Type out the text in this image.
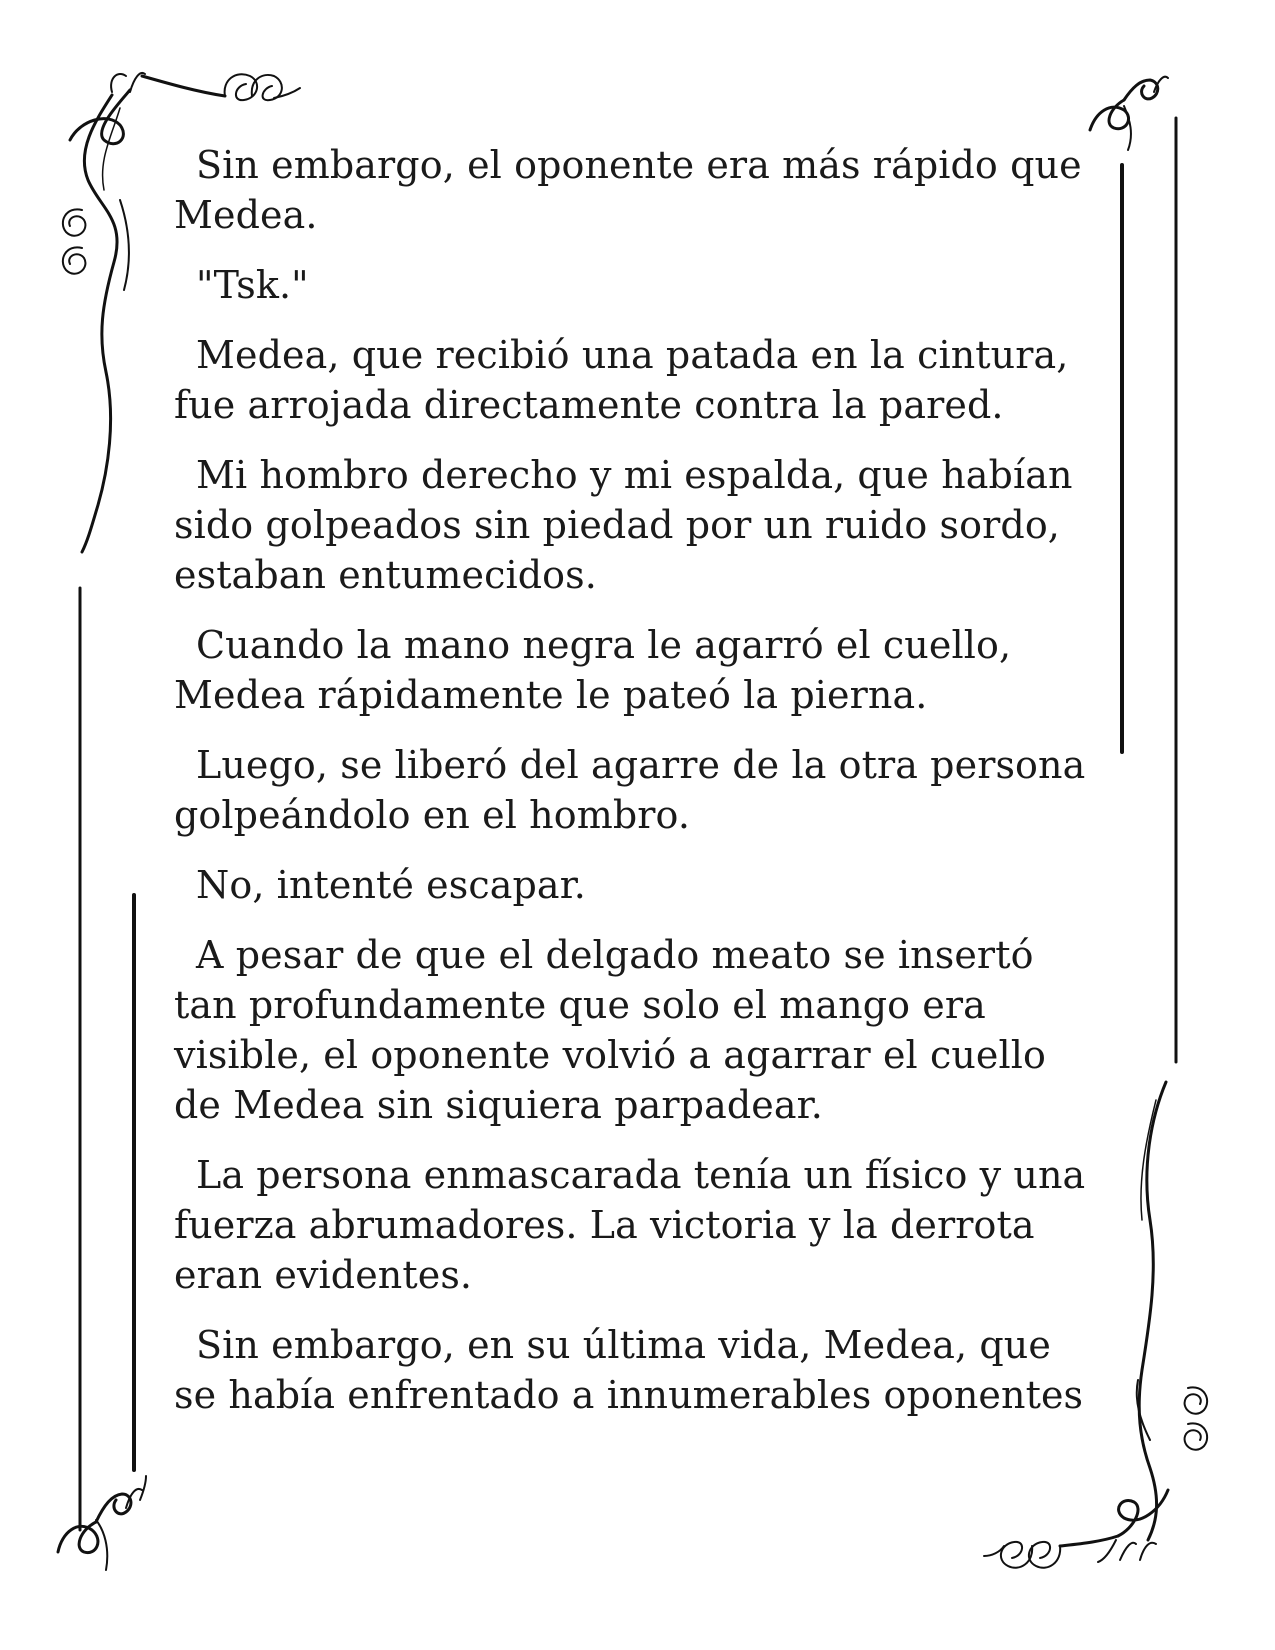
Sin embargo, el oponente era más rápido que Medea.

"Tsk."

Medea, que recibió una patada en la cintura, fue arrojada directamente contra la pared.

Mi hombro derecho y mi espalda, que habían sido golpeados sin piedad por un ruido sordo, estaban entumecidos.

Cuando la mano negra le agarró el cuello, Medea rápidamente le pateó la pierna.

Luego, se liberó del agarre de la otra persona golpeándolo en el hombro.

No, intenté escapar.

A pesar de que el delgado meato se insertó tan profundamente que solo el mango era visible, el oponente volvió a agarrar el cuello de Medea sin siquiera parpadear.

La persona enmascarada tenía un físico y una fuerza abrumadores. La victoria y la derrota eran evidentes.

Sin embargo, en su última vida, Medea, que se había enfrentado a innumerables oponentes
